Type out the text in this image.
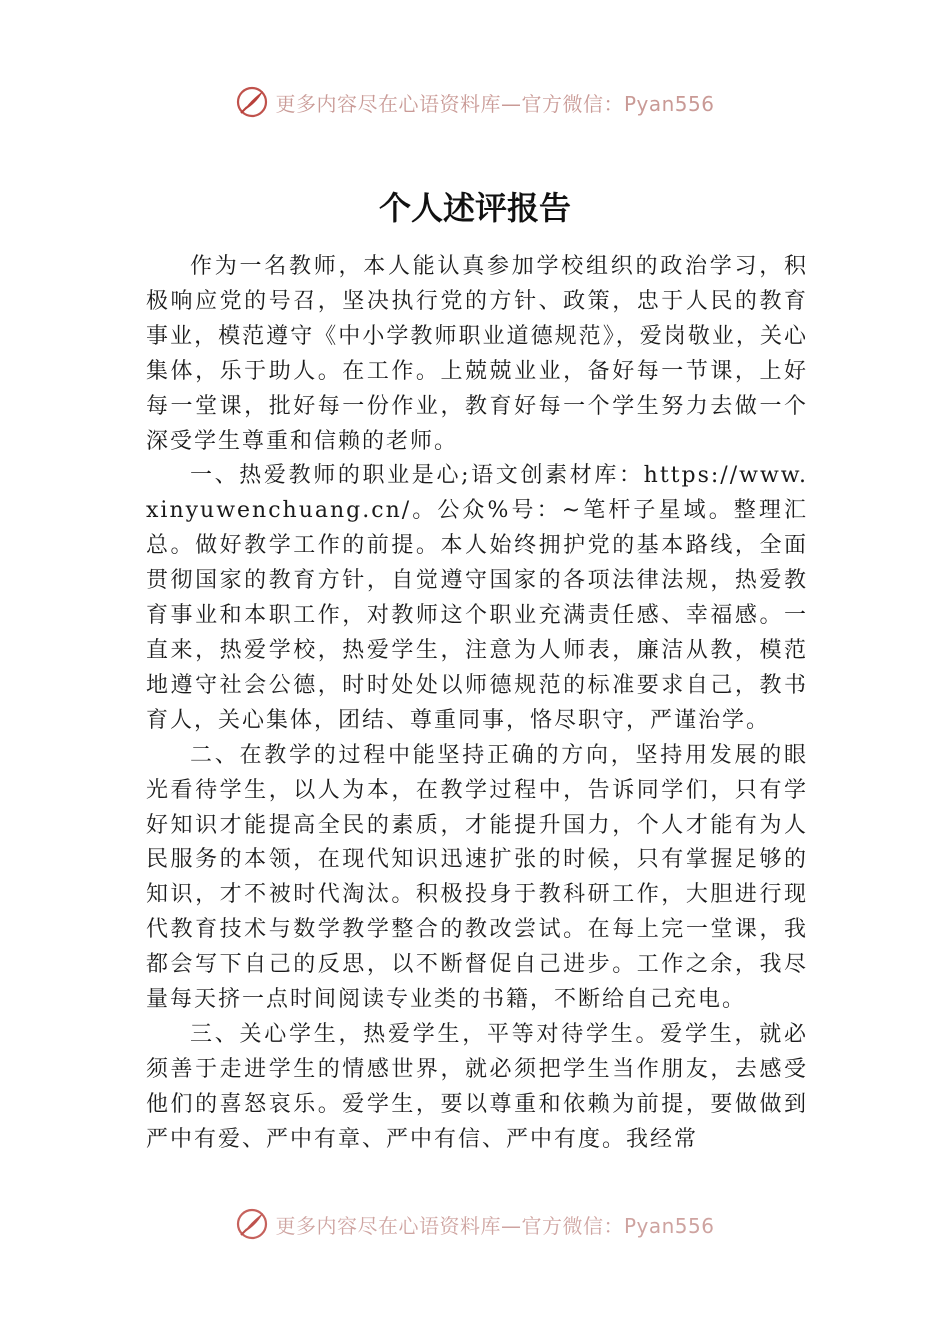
更多内容尽在心语资料库—官方微信：Pyan556
个人述评报告

作为一名教师，本人能认真参加学校组织的政治学习，积极响应党的号召，坚决执行党的方针、政策，忠于人民的教育事业，模范遵守《中小学教师职业道德规范》，爱岗敬业，关心集体，乐于助人。在工作。上兢兢业业，备好每一节课，上好每一堂课，批好每一份作业，教育好每一个学生努力去做一个深受学生尊重和信赖的老师。

一、热爱教师的职业是心;语文创素材库：https://www.xinyuwenchuang.cn/。公众%号：~笔杆子星域。整理汇总。做好教学工作的前提。本人始终拥护党的基本路线，全面贯彻国家的教育方针，自觉遵守国家的各项法律法规，热爱教育事业和本职工作，对教师这个职业充满责任感、幸福感。一直来，热爱学校，热爱学生，注意为人师表，廉洁从教，模范地遵守社会公德，时时处处以师德规范的标准要求自己，教书育人，关心集体，团结、尊重同事，恪尽职守，严谨治学。

二、在教学的过程中能坚持正确的方向，坚持用发展的眼光看待学生，以人为本，在教学过程中，告诉同学们，只有学好知识才能提高全民的素质，才能提升国力，个人才能有为人民服务的本领，在现代知识迅速扩张的时候，只有掌握足够的知识，才不被时代淘汰。积极投身于教科研工作，大胆进行现代教育技术与数学教学整合的教改尝试。在每上完一堂课，我都会写下自己的反思，以不断督促自己进步。工作之余，我尽量每天挤一点时间阅读专业类的书籍，不断给自己充电。

三、关心学生，热爱学生，平等对待学生。爱学生，就必须善于走进学生的情感世界，就必须把学生当作朋友，去感受他们的喜怒哀乐。爱学生，要以尊重和依赖为前提，要做做到严中有爱、严中有章、严中有信、严中有度。我经常

更多内容尽在心语资料库—官方微信：Pyan556
